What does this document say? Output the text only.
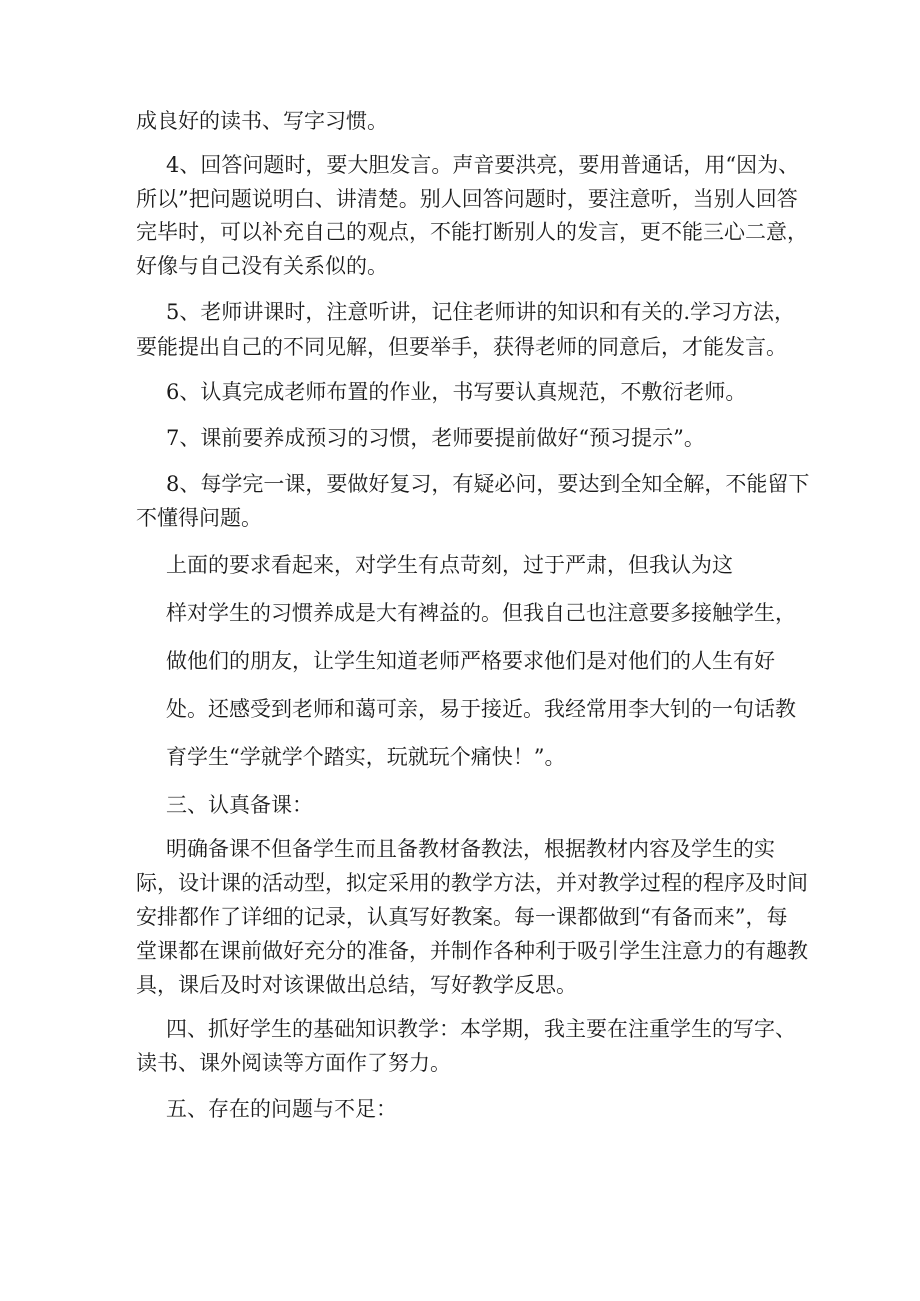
成良好的读书、写字习惯。
4、回答问题时，要大胆发言。声音要洪亮，要用普通话，用“因为、
所以”把问题说明白、讲清楚。别人回答问题时，要注意听，当别人回答
完毕时，可以补充自己的观点，不能打断别人的发言，更不能三心二意，
好像与自己没有关系似的。
5、老师讲课时，注意听讲，记住老师讲的知识和有关的.学习方法，
要能提出自己的不同见解，但要举手，获得老师的同意后，才能发言。
6、认真完成老师布置的作业，书写要认真规范，不敷衍老师。
7、课前要养成预习的习惯，老师要提前做好“预习提示”。
8、每学完一课，要做好复习，有疑必问，要达到全知全解，不能留下
不懂得问题。
上面的要求看起来，对学生有点苛刻，过于严肃，但我认为这
样对学生的习惯养成是大有裨益的。但我自己也注意要多接触学生，
做他们的朋友，让学生知道老师严格要求他们是对他们的人生有好
处。还感受到老师和蔼可亲，易于接近。我经常用李大钊的一句话教
育学生“学就学个踏实，玩就玩个痛快！”。
三、认真备课：
明确备课不但备学生而且备教材备教法，根据教材内容及学生的实
际，设计课的活动型，拟定采用的教学方法，并对教学过程的程序及时间
安排都作了详细的记录，认真写好教案。每一课都做到“有备而来”，每
堂课都在课前做好充分的准备，并制作各种利于吸引学生注意力的有趣教
具，课后及时对该课做出总结，写好教学反思。
四、抓好学生的基础知识教学：本学期，我主要在注重学生的写字、
读书、课外阅读等方面作了努力。
五、存在的问题与不足：
